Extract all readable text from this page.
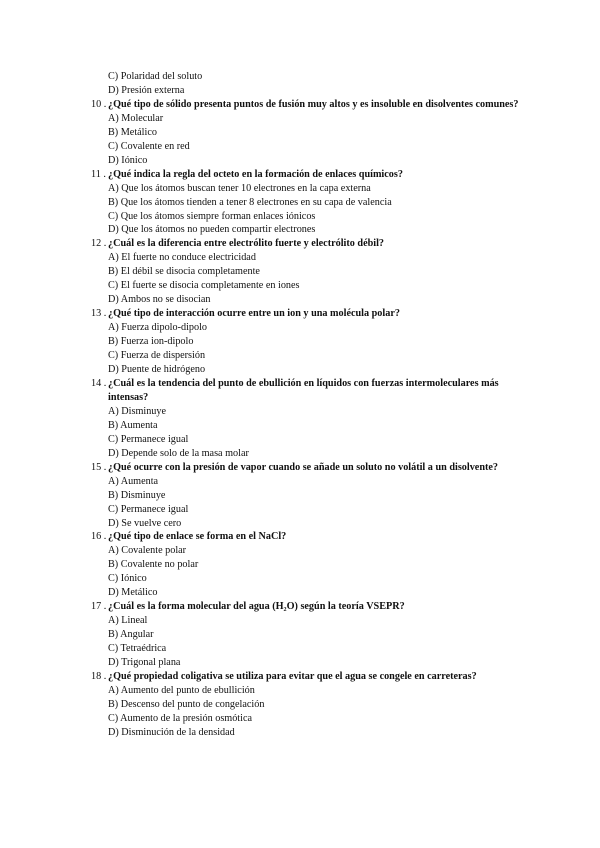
C) Polaridad del soluto
D) Presión externa
10 . ¿Qué tipo de sólido presenta puntos de fusión muy altos y es insoluble en disolventes comunes?
A) Molecular
B) Metálico
C) Covalente en red
D) Iónico
11 . ¿Qué indica la regla del octeto en la formación de enlaces químicos?
A) Que los átomos buscan tener 10 electrones en la capa externa
B) Que los átomos tienden a tener 8 electrones en su capa de valencia
C) Que los átomos siempre forman enlaces iónicos
D) Que los átomos no pueden compartir electrones
12 . ¿Cuál es la diferencia entre electrólito fuerte y electrólito débil?
A) El fuerte no conduce electricidad
B) El débil se disocia completamente
C) El fuerte se disocia completamente en iones
D) Ambos no se disocian
13 . ¿Qué tipo de interacción ocurre entre un ion y una molécula polar?
A) Fuerza dipolo-dipolo
B) Fuerza ion-dipolo
C) Fuerza de dispersión
D) Puente de hidrógeno
14 . ¿Cuál es la tendencia del punto de ebullición en líquidos con fuerzas intermoleculares más intensas?
A) Disminuye
B) Aumenta
C) Permanece igual
D) Depende solo de la masa molar
15 . ¿Qué ocurre con la presión de vapor cuando se añade un soluto no volátil a un disolvente?
A) Aumenta
B) Disminuye
C) Permanece igual
D) Se vuelve cero
16 . ¿Qué tipo de enlace se forma en el NaCl?
A) Covalente polar
B) Covalente no polar
C) Iónico
D) Metálico
17 . ¿Cuál es la forma molecular del agua (H₂O) según la teoría VSEPR?
A) Lineal
B) Angular
C) Tetraédrica
D) Trigonal plana
18 . ¿Qué propiedad coligativa se utiliza para evitar que el agua se congele en carreteras?
A) Aumento del punto de ebullición
B) Descenso del punto de congelación
C) Aumento de la presión osmótica
D) Disminución de la densidad
